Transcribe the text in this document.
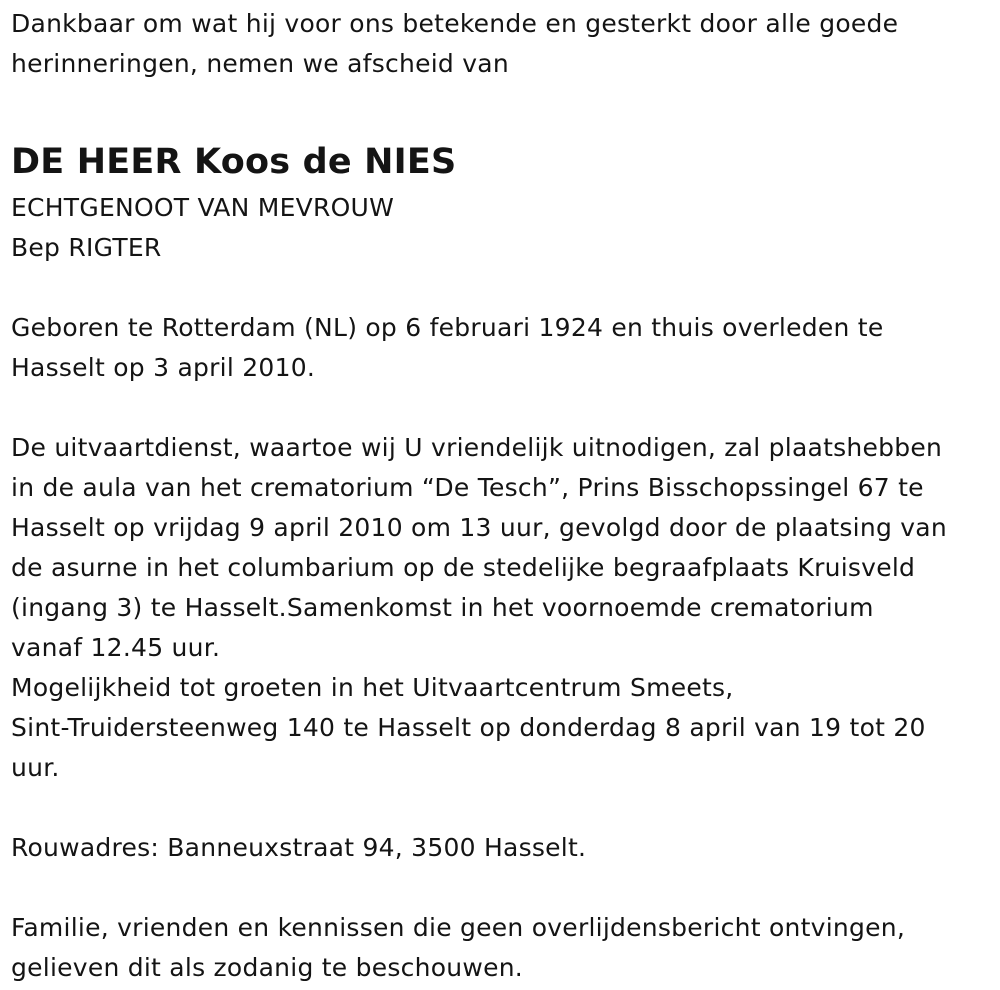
Dankbaar om wat hij voor ons betekende en gesterkt door alle goede
herinneringen, nemen we afscheid van
DE HEER Koos de NIES
ECHTGENOOT VAN MEVROUW
Bep RIGTER
Geboren te Rotterdam (NL) op 6 februari 1924 en thuis overleden te
Hasselt op 3 april 2010.
De uitvaartdienst, waartoe wij U vriendelijk uitnodigen, zal plaatshebben
in de aula van het crematorium “De Tesch”, Prins Bisschopssingel 67 te
Hasselt op vrijdag 9 april 2010 om 13 uur, gevolgd door de plaatsing van
de asurne in het columbarium op de stedelijke begraafplaats Kruisveld
(ingang 3) te Hasselt.Samenkomst in het voornoemde crematorium
vanaf 12.45 uur.
Mogelijkheid tot groeten in het Uitvaartcentrum Smeets,
Sint-Truidersteenweg 140 te Hasselt op donderdag 8 april van 19 tot 20
uur.
Rouwadres: Banneuxstraat 94, 3500 Hasselt.
Familie, vrienden en kennissen die geen overlijdensbericht ontvingen,
gelieven dit als zodanig te beschouwen.
